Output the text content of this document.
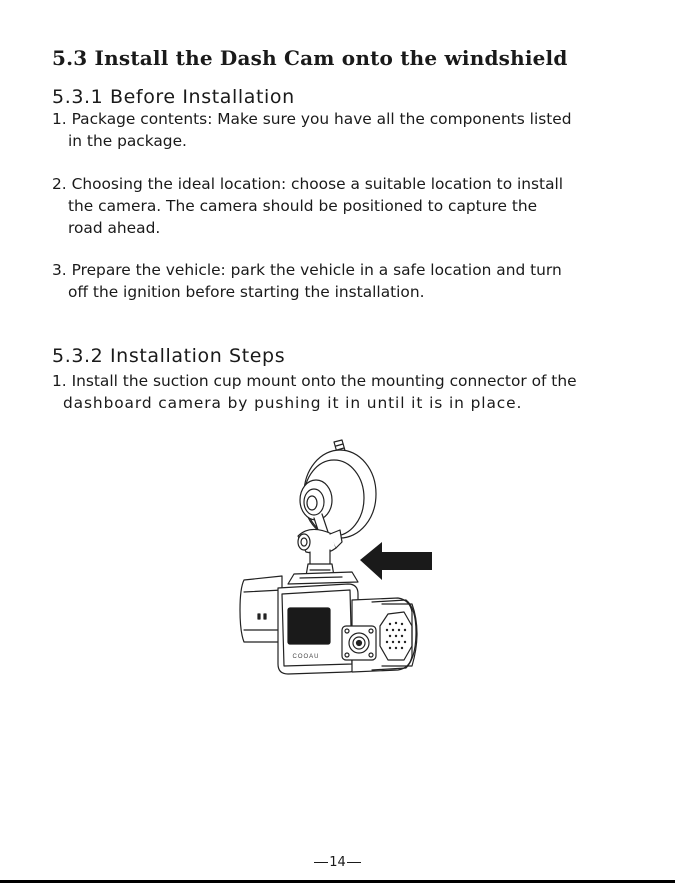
5.3 Install the Dash Cam onto the windshield
5.3.1 Before Installation
1. Package contents: Make sure you have all the components listed
in the package.
2. Choosing the ideal location: choose a suitable location to install
the camera. The camera should be positioned to capture the
road ahead.
3. Prepare the vehicle: park the vehicle in a safe location and turn
off the ignition before starting the installation.
5.3.2 Installation Steps
1. Install the suction cup mount onto the mounting connector of the
dashboard camera by pushing it in until it is in place.
COOAU
14
